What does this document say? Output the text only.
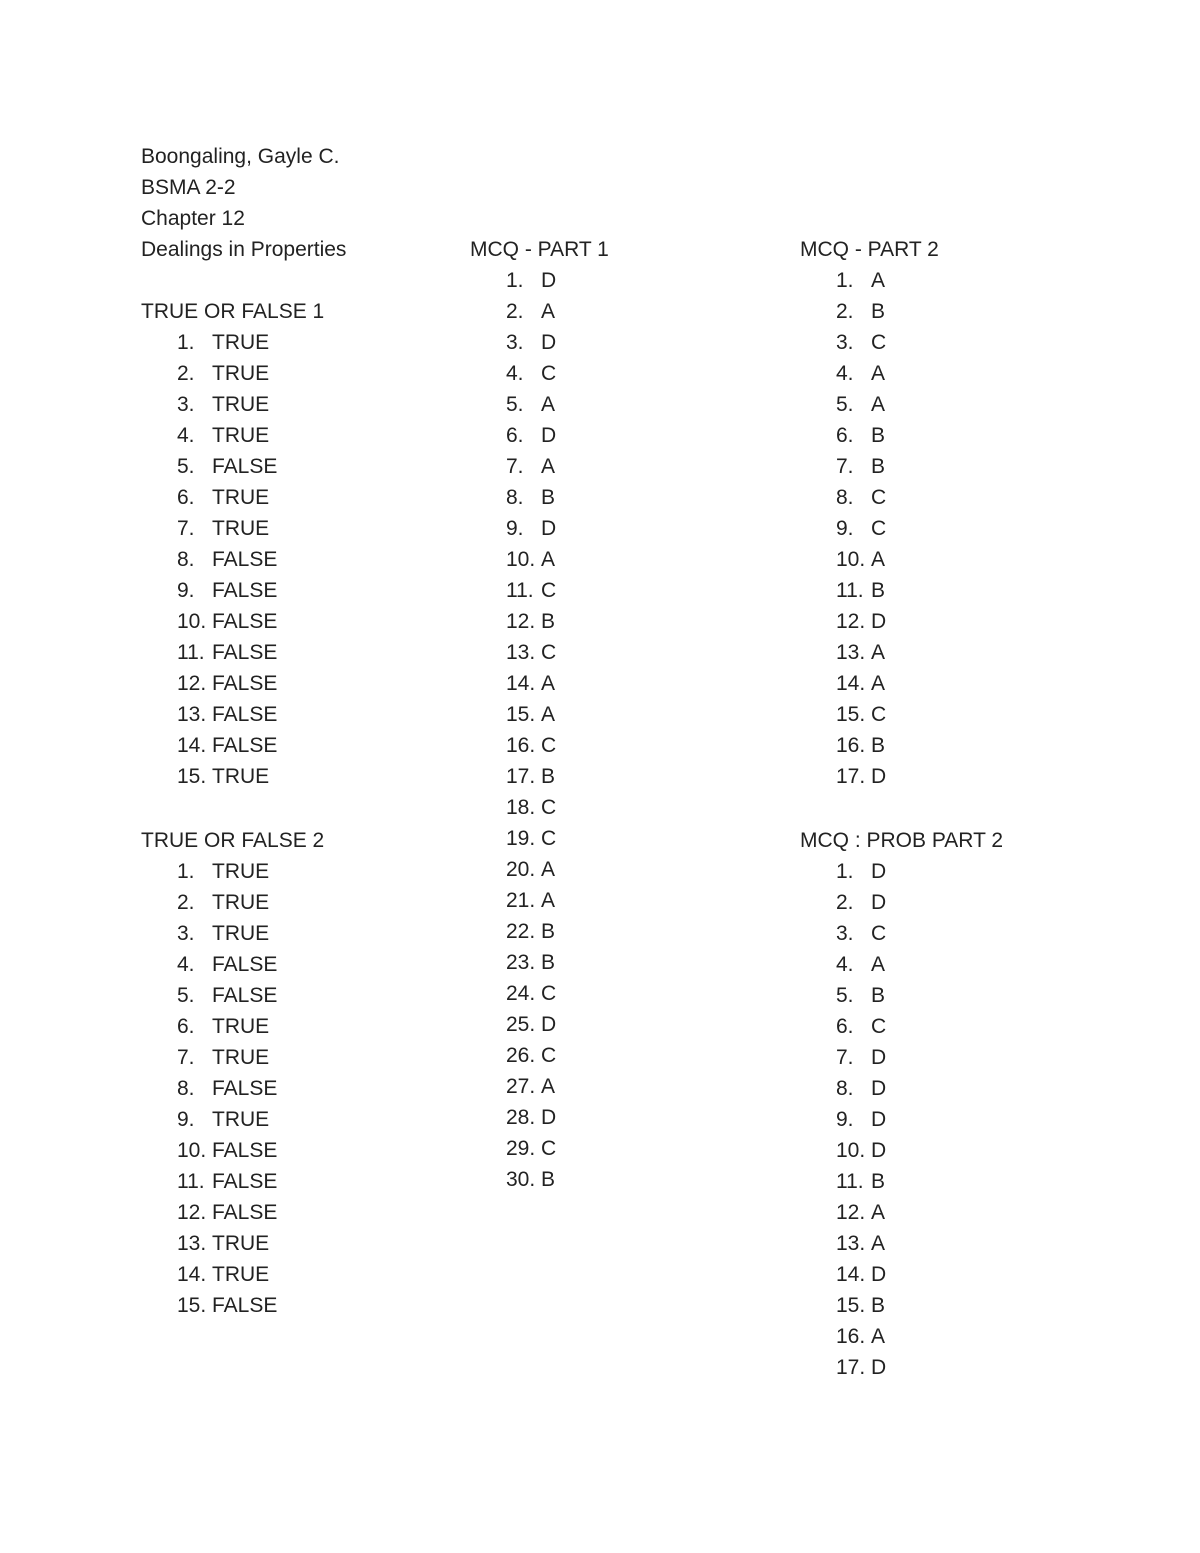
Boongaling, Gayle C.
BSMA 2-2
Chapter 12
Dealings in Properties
TRUE OR FALSE 1
1. TRUE
2. TRUE
3. TRUE
4. TRUE
5. FALSE
6. TRUE
7. TRUE
8. FALSE
9. FALSE
10. FALSE
11. FALSE
12. FALSE
13. FALSE
14. FALSE
15. TRUE
TRUE OR FALSE 2
1. TRUE
2. TRUE
3. TRUE
4. FALSE
5. FALSE
6. TRUE
7. TRUE
8. FALSE
9. TRUE
10. FALSE
11. FALSE
12. FALSE
13. TRUE
14. TRUE
15. FALSE
MCQ - PART 1
1. D
2. A
3. D
4. C
5. A
6. D
7. A
8. B
9. D
10. A
11. C
12. B
13. C
14. A
15. A
16. C
17. B
18. C
19. C
20. A
21. A
22. B
23. B
24. C
25. D
26. C
27. A
28. D
29. C
30. B
MCQ - PART 2
1. A
2. B
3. C
4. A
5. A
6. B
7. B
8. C
9. C
10. A
11. B
12. D
13. A
14. A
15. C
16. B
17. D
MCQ : PROB PART 2
1. D
2. D
3. C
4. A
5. B
6. C
7. D
8. D
9. D
10. D
11. B
12. A
13. A
14. D
15. B
16. A
17. D
